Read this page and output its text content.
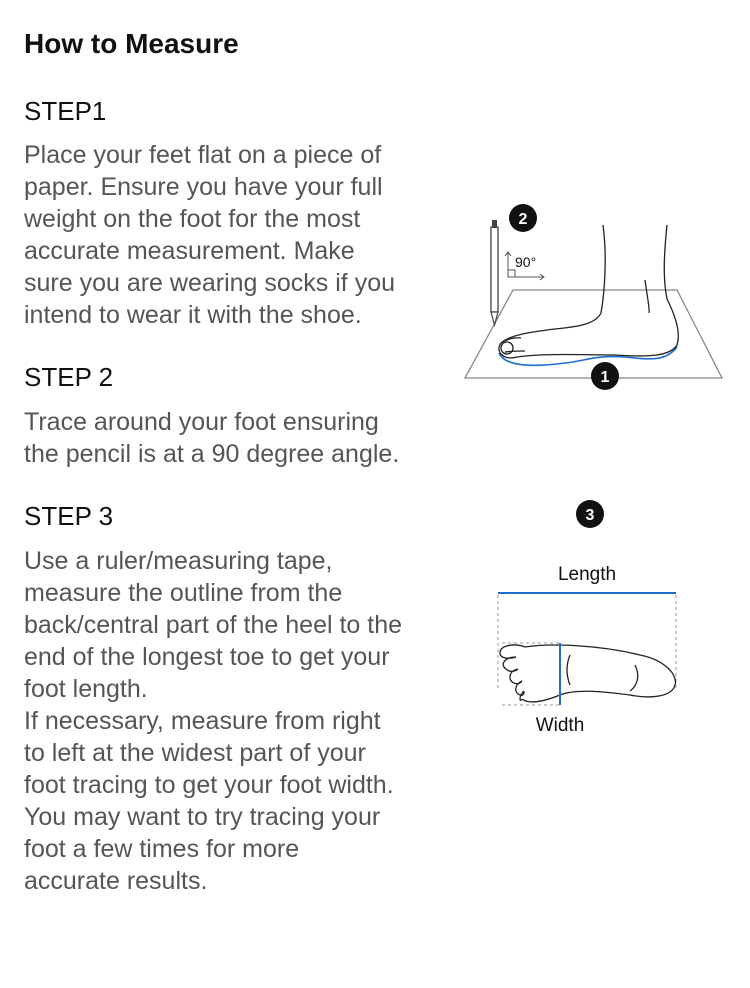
How to Measure
STEP1

Place your feet flat on a piece of
paper. Ensure you have your full
weight on the foot for the most
accurate measurement. Make
sure you are wearing socks if you
intend to wear it with the shoe.

STEP 2

Trace around your foot ensuring
the pencil is at a 90 degree angle.

STEP 3

Use a ruler/measuring tape,
measure the outline from the
back/central part of the heel to the
end of the longest toe to get your
foot length.
If necessary, measure from right
to left at the widest part of your
foot tracing to get your foot width.
You may want to try tracing your
foot a few times for more
accurate results.

90°
2
1
3
Length
Width
